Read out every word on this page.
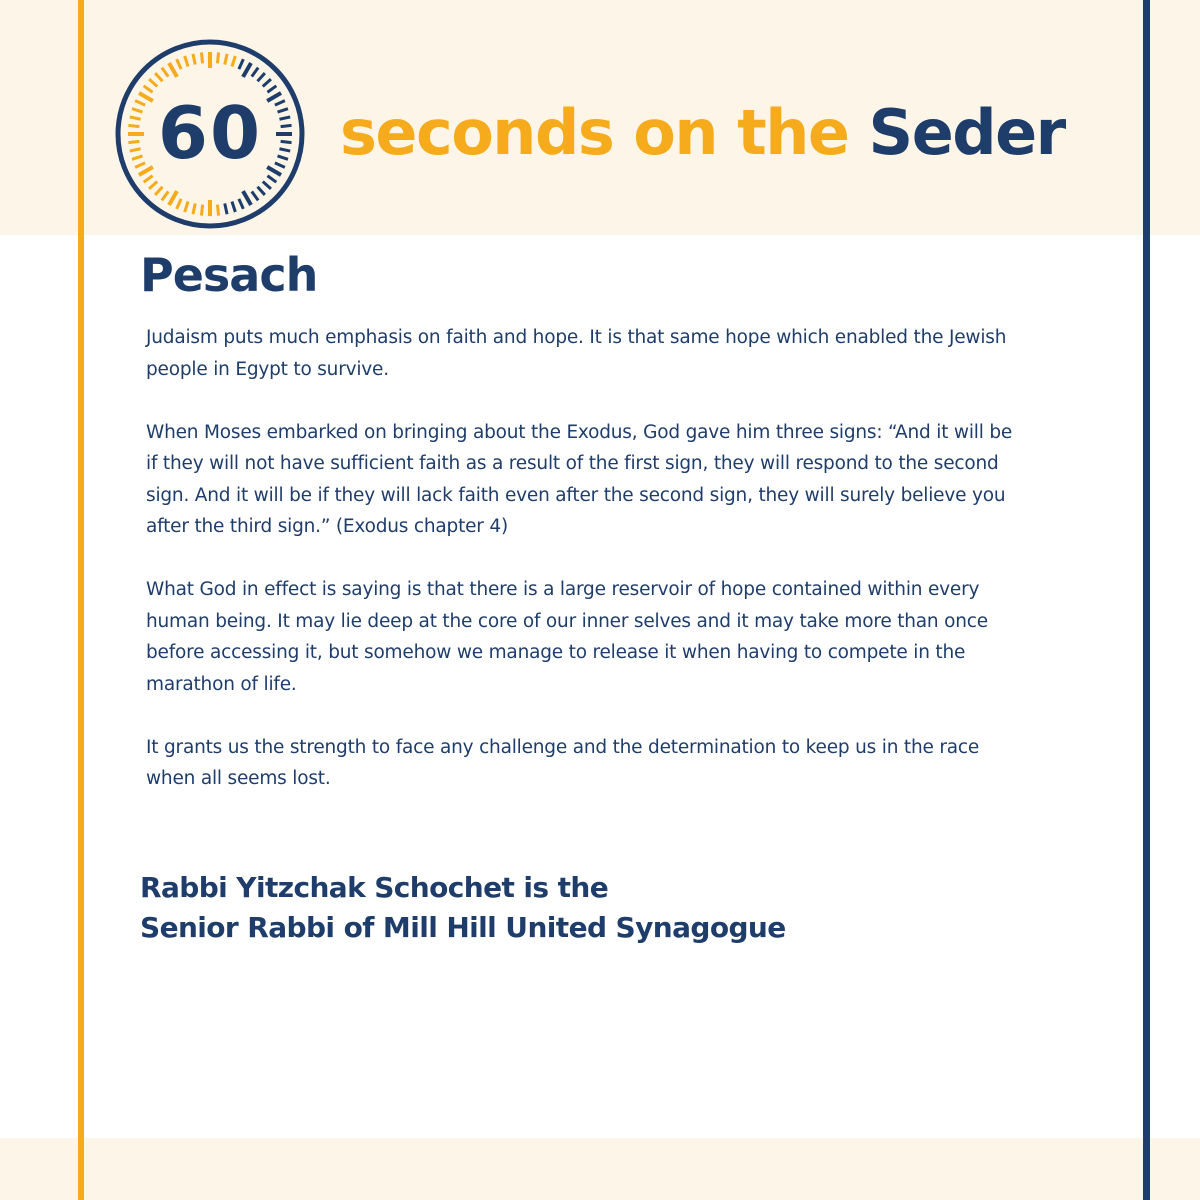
60 seconds on the Seder
Pesach

Judaism puts much emphasis on faith and hope. It is that same hope which enabled the Jewish people in Egypt to survive.

When Moses embarked on bringing about the Exodus, God gave him three signs: “And it will be if they will not have sufficient faith as a result of the first sign, they will respond to the second sign. And it will be if they will lack faith even after the second sign, they will surely believe you after the third sign.” (Exodus chapter 4)

What God in effect is saying is that there is a large reservoir of hope contained within every human being. It may lie deep at the core of our inner selves and it may take more than once before accessing it, but somehow we manage to release it when having to compete in the marathon of life.

It grants us the strength to face any challenge and the determination to keep us in the race when all seems lost.

Rabbi Yitzchak Schochet is the
Senior Rabbi of Mill Hill United Synagogue
